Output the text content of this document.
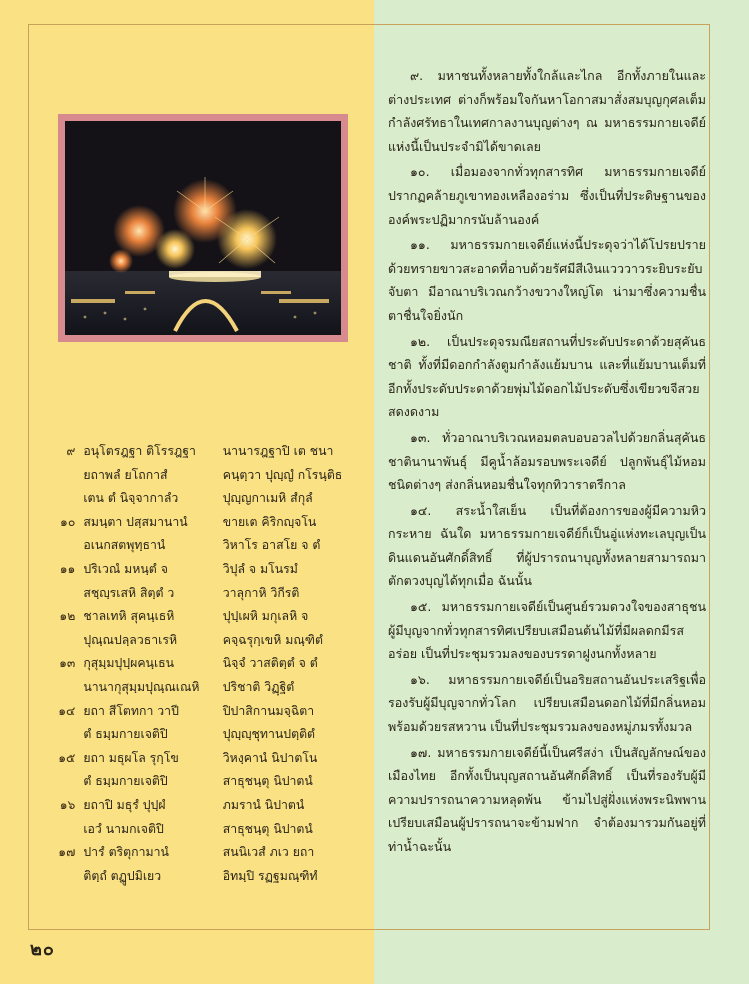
๙ อนุโตรฎฐา ติโรรฎฐา	นานารฎฐาปิ เต ชนา
ยถาพลํ ยโถกาสํ	คนฺตฺวา ปุญฺญํ กโรนฺติธ
เตน ตํ นิจฺจากาลํว	ปุญฺญกาเมหิ สํกุลํ
๑๐ สมนฺตา ปสฺสมานานํ	ขายเต คิริกญฺจโน
อเนกสตพุทฺธานํ	วิหาโร อาสโย จ ตํ
๑๑ ปริเวณํ มหนฺตํ จ	วิปุลํ จ มโนรมํ
สชฺญฺรเสหิ สิตฺตํ ว	วาลุกาหิ วิกีรติ
๑๒ ชาลเทหิ สุคนฺเธหิ	ปุปฺเผหิ มกุเลหิ จ
ปุณฺณปลฺลวธาเรหิ	คจฺฉรุกฺเขหิ มณฺฑิตํ
๑๓ กุสุมฺมปุปฺผคนฺเธน	นิจฺจํ วาสติตฺตํ จ ตํ
นานากุสุมฺมปุณฺณเณหิ	ปริชาติ วิฏฺฐิตํ
๑๔ ยถา สีโตทกา วาปี	ปิปาสิกานมจฺฉิตา
ตํ ธมฺมกายเจติปิ	ปุญฺญฺชุทานปตฺติตํ
๑๕ ยถา มธุผโล รุกฺโข	วิหงฺคานํ นิปาตโน
ตํ ธมฺมกายเจติปิ	สาธุชนฺตุ นิปาตนํ
๑๖ ยถาปิ มธุรํ ปุปฺผํ	ภมรานํ นิปาตนํ
เอวํ นามกเจติปิ	สาธุชนฺตุ นิปาตนํ
๑๗ ปารํ ตริตุกามานํ	สนนิเวสํ ภเว ยถา
ติตฺถํ ตฏูปมิเยว	อิทมฺปิ รฏฐมณฺฑิทํ

๙. มหาชนทั้งหลายทั้งใกล้และไกล อีกทั้งภายในและต่างประเทศ ต่างก็พร้อมใจกันหาโอกาสมาสั่งสมบุญกุศลเต็มกำลังศรัทธาในเทศกาลงานบุญต่างๆ ณ มหาธรรมกายเจดีย์แห่งนี้เป็นประจำมิได้ขาดเลย

๑๐. เมื่อมองจากทั่วทุกสารทิศ มหาธรรมกายเจดีย์ปรากฏคล้ายภูเขาทองเหลืองอร่าม ซึ่งเป็นที่ประดิษฐานขององค์พระปฏิมากรนับล้านองค์

๑๑. มหาธรรมกายเจดีย์แห่งนี้ประดุจว่าได้โปรยปรายด้วยทรายขาวสะอาดที่อาบด้วยรัศมีสีเงินแวววาวระยิบระยับจับตา มีอาณาบริเวณกว้างขวางใหญ่โต น่ามาซึ่งความชื่นตาชื่นใจยิ่งนัก

๑๒. เป็นประดุจรมณียสถานที่ประดับประดาด้วยสุคันธชาติ ทั้งที่มีดอกกำลังตูมกำลังแย้มบาน และที่แย้มบานเต็มที่ อีกทั้งประดับประดาด้วยพุ่มไม้ดอกไม้ประดับซึ่งเขียวขจีสวยสดงดงาม

๑๓. ทั่วอาณาบริเวณหอมตลบอบอวลไปด้วยกลิ่นสุคันธชาตินานาพันธุ์ มีคูน้ำล้อมรอบพระเจดีย์ ปลูกพันธุ์ไม้หอมชนิดต่างๆ ส่งกลิ่นหอมชื่นใจทุกทิวาราตรีกาล

๑๔. สระน้ำใสเย็น เป็นที่ต้องการของผู้มีความหิวกระหาย ฉันใด มหาธรรมกายเจดีย์ก็เป็นอู่แห่งทะเลบุญเป็นดินแดนอันศักดิ์สิทธิ์ ที่ผู้ปรารถนาบุญทั้งหลายสามารถมาตักตวงบุญได้ทุกเมื่อ ฉันนั้น

๑๕. มหาธรรมกายเจดีย์เป็นศูนย์รวมดวงใจของสาธุชนผู้มีบุญจากทั่วทุกสารทิศเปรียบเสมือนต้นไม้ที่มีผลดกมีรสอร่อย เป็นที่ประชุมรวมลงของบรรดาฝูงนกทั้งหลาย

๑๖. มหาธรรมกายเจดีย์เป็นอริยสถานอันประเสริฐเพื่อรองรับผู้มีบุญจากทั่วโลก เปรียบเสมือนดอกไม้ที่มีกลิ่นหอมพร้อมด้วยรสหวาน เป็นที่ประชุมรวมลงของหมู่ภมรทั้งมวล

๑๗. มหาธรรมกายเจดีย์นี้เป็นศรีสง่า เป็นสัญลักษณ์ของเมืองไทย อีกทั้งเป็นบุญสถานอันศักดิ์สิทธิ์ เป็นที่รองรับผู้มีความปรารถนาความหลุดพ้น ข้ามไปสู่ฝั่งแห่งพระนิพพานเปรียบเสมือนผู้ปรารถนาจะข้ามฟาก จำต้องมารวมกันอยู่ที่ท่าน้ำฉะนั้น

๒๐
